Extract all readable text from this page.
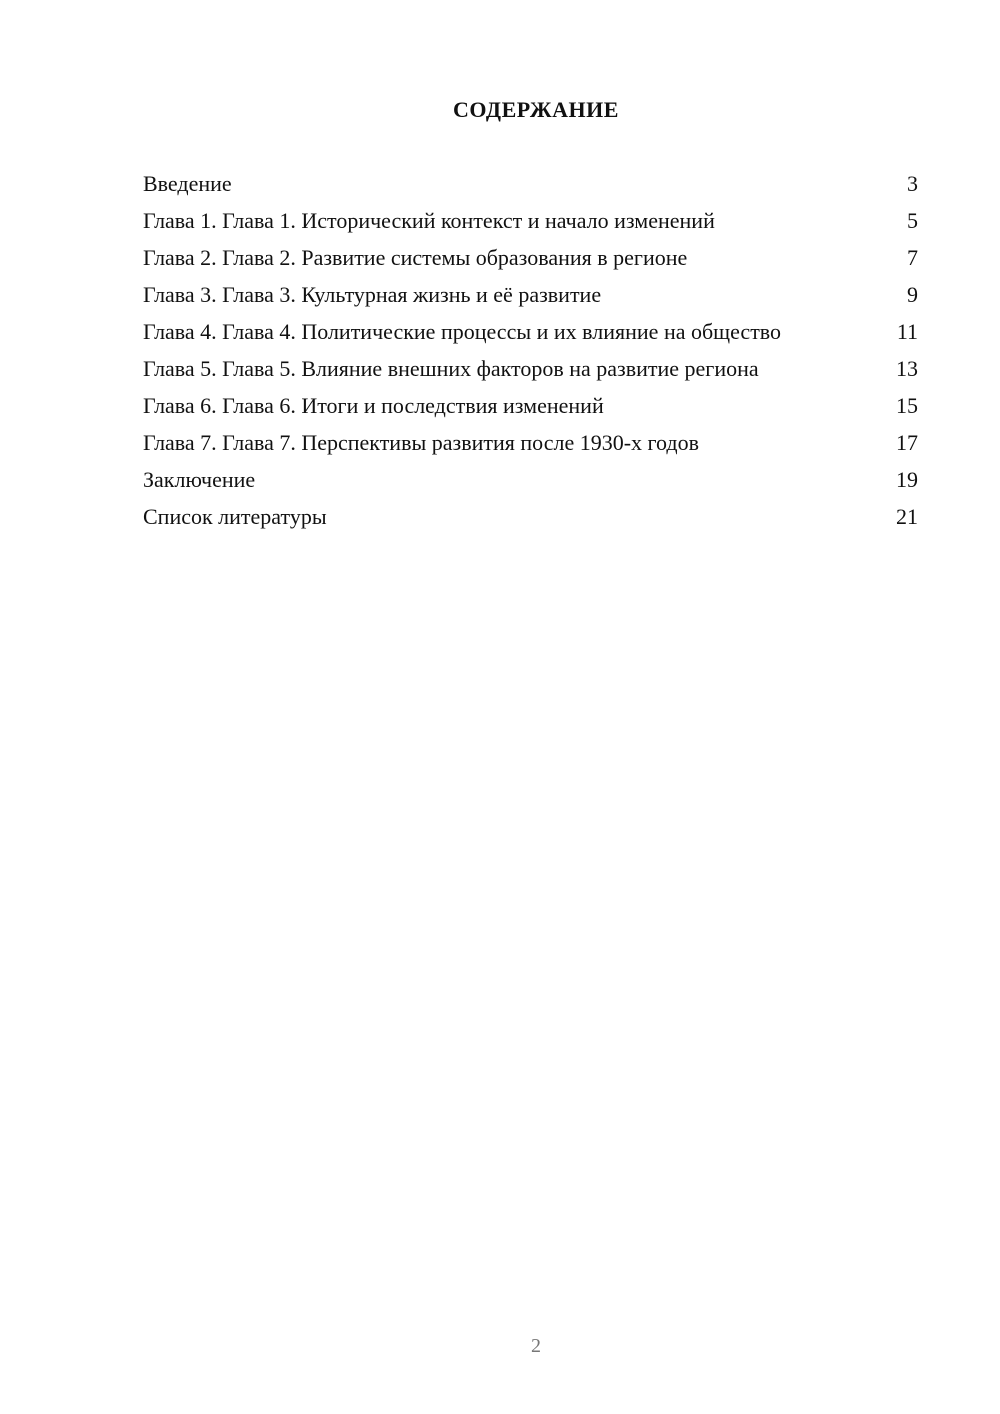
СОДЕРЖАНИЕ
Введение	3
Глава 1. Глава 1. Исторический контекст и начало изменений	5
Глава 2. Глава 2. Развитие системы образования в регионе	7
Глава 3. Глава 3. Культурная жизнь и её развитие	9
Глава 4. Глава 4. Политические процессы и их влияние на общество	11
Глава 5. Глава 5. Влияние внешних факторов на развитие региона	13
Глава 6. Глава 6. Итоги и последствия изменений	15
Глава 7. Глава 7. Перспективы развития после 1930-х годов	17
Заключение	19
Список литературы	21
2
